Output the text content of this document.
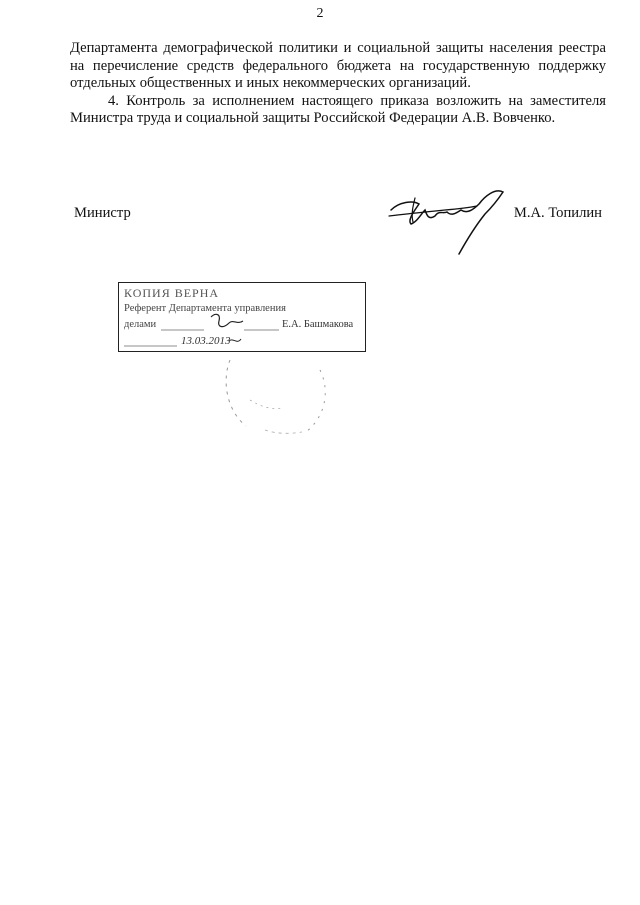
2

Департамента демографической политики и социальной защиты населения реестра на перечисление средств федерального бюджета на государственную поддержку отдельных общественных и иных некоммерческих организаций.

4. Контроль за исполнением настоящего приказа возложить на заместителя Министра труда и социальной защиты Российской Федерации А.В. Вовченко.

Министр	М.А. Топилин
КОПИЯ ВЕРНА
Референт Департамента управления
делами	Е.А. Башмакова
13.03.2013
